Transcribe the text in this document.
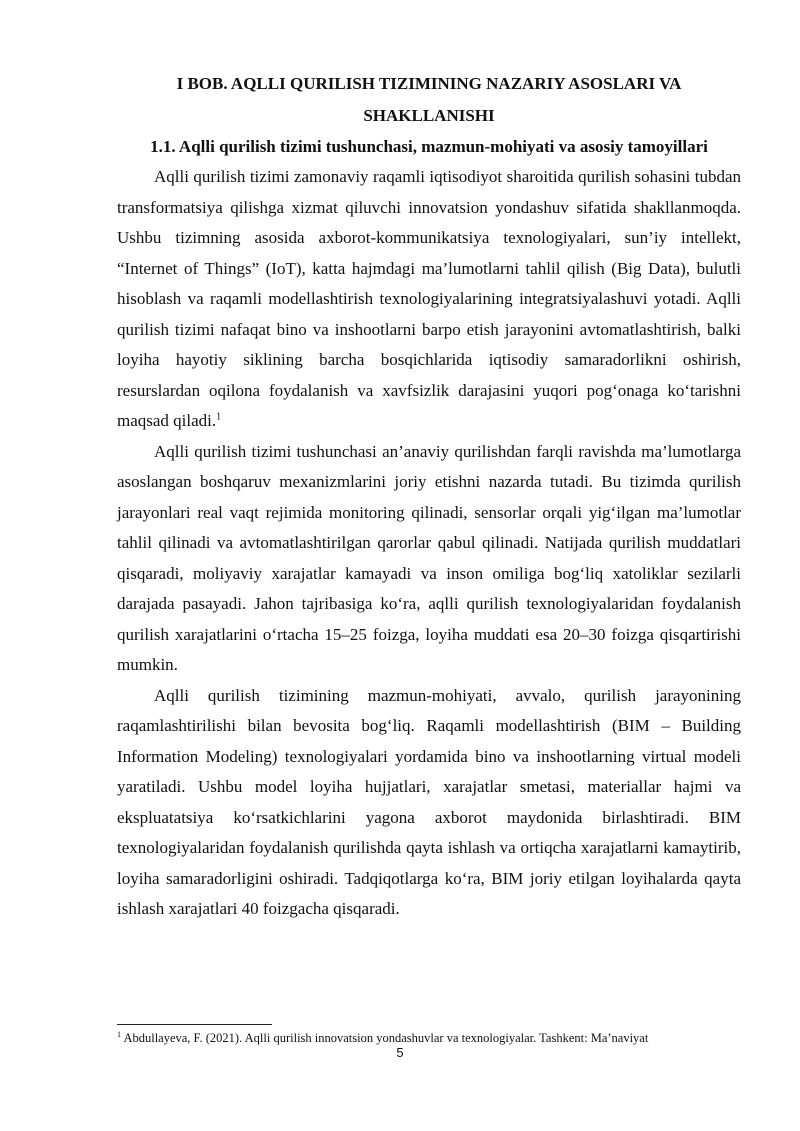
I BOB. AQLLI QURILISH TIZIMINING NAZARIY ASOSLARI VA SHAKLLANISHI
1.1. Aqlli qurilish tizimi tushunchasi, mazmun-mohiyati va asosiy tamoyillari

Aqlli qurilish tizimi zamonaviy raqamli iqtisodiyot sharoitida qurilish sohasini tubdan transformatsiya qilishga xizmat qiluvchi innovatsion yondashuv sifatida shakllanmoqda. Ushbu tizimning asosida axborot-kommunikatsiya texnologiyalari, sun’iy intellekt, “Internet of Things” (IoT), katta hajmdagi ma’lumotlarni tahlil qilish (Big Data), bulutli hisoblash va raqamli modellashtirish texnologiyalarining integratsiyalashuvi yotadi. Aqlli qurilish tizimi nafaqat bino va inshootlarni barpo etish jarayonini avtomatlashtirish, balki loyiha hayotiy siklining barcha bosqichlarida iqtisodiy samaradorlikni oshirish, resurslardan oqilona foydalanish va xavfsizlik darajasini yuqori pog‘onaga ko‘tarishni maqsad qiladi.$^1$

Aqlli qurilish tizimi tushunchasi an’anaviy qurilishdan farqli ravishda ma’lumotlarga asoslangan boshqaruv mexanizmlarini joriy etishni nazarda tutadi. Bu tizimda qurilish jarayonlari real vaqt rejimida monitoring qilinadi, sensorlar orqali yig‘ilgan ma’lumotlar tahlil qilinadi va avtomatlashtirilgan qarorlar qabul qilinadi. Natijada qurilish muddatlari qisqaradi, moliyaviy xarajatlar kamayadi va inson omiliga bog‘liq xatoliklar sezilarli darajada pasayadi. Jahon tajribasiga ko‘ra, aqlli qurilish texnologiyalaridan foydalanish qurilish xarajatlarini o‘rtacha 15–25 foizga, loyiha muddati esa 20–30 foizga qisqartirishi mumkin.

Aqlli qurilish tizimining mazmun-mohiyati, avvalo, qurilish jarayonining raqamlashtirilishi bilan bevosita bog‘liq. Raqamli modellashtirish (BIM – Building Information Modeling) texnologiyalari yordamida bino va inshootlarning virtual modeli yaratiladi. Ushbu model loyiha hujjatlari, xarajatlar smetasi, materiallar hajmi va ekspluatatsiya ko‘rsatkichlarini yagona axborot maydonida birlashtiradi. BIM texnologiyalaridan foydalanish qurilishda qayta ishlash va ortiqcha xarajatlarni kamaytirib, loyiha samaradorligini oshiradi. Tadqiqotlarga ko‘ra, BIM joriy etilgan loyihalarda qayta ishlash xarajatlari 40 foizgacha qisqaradi.

$^1$ Abdullayeva, F. (2021). Aqlli qurilish innovatsion yondashuvlar va texnologiyalar. Tashkent: Ma’naviyat

5
